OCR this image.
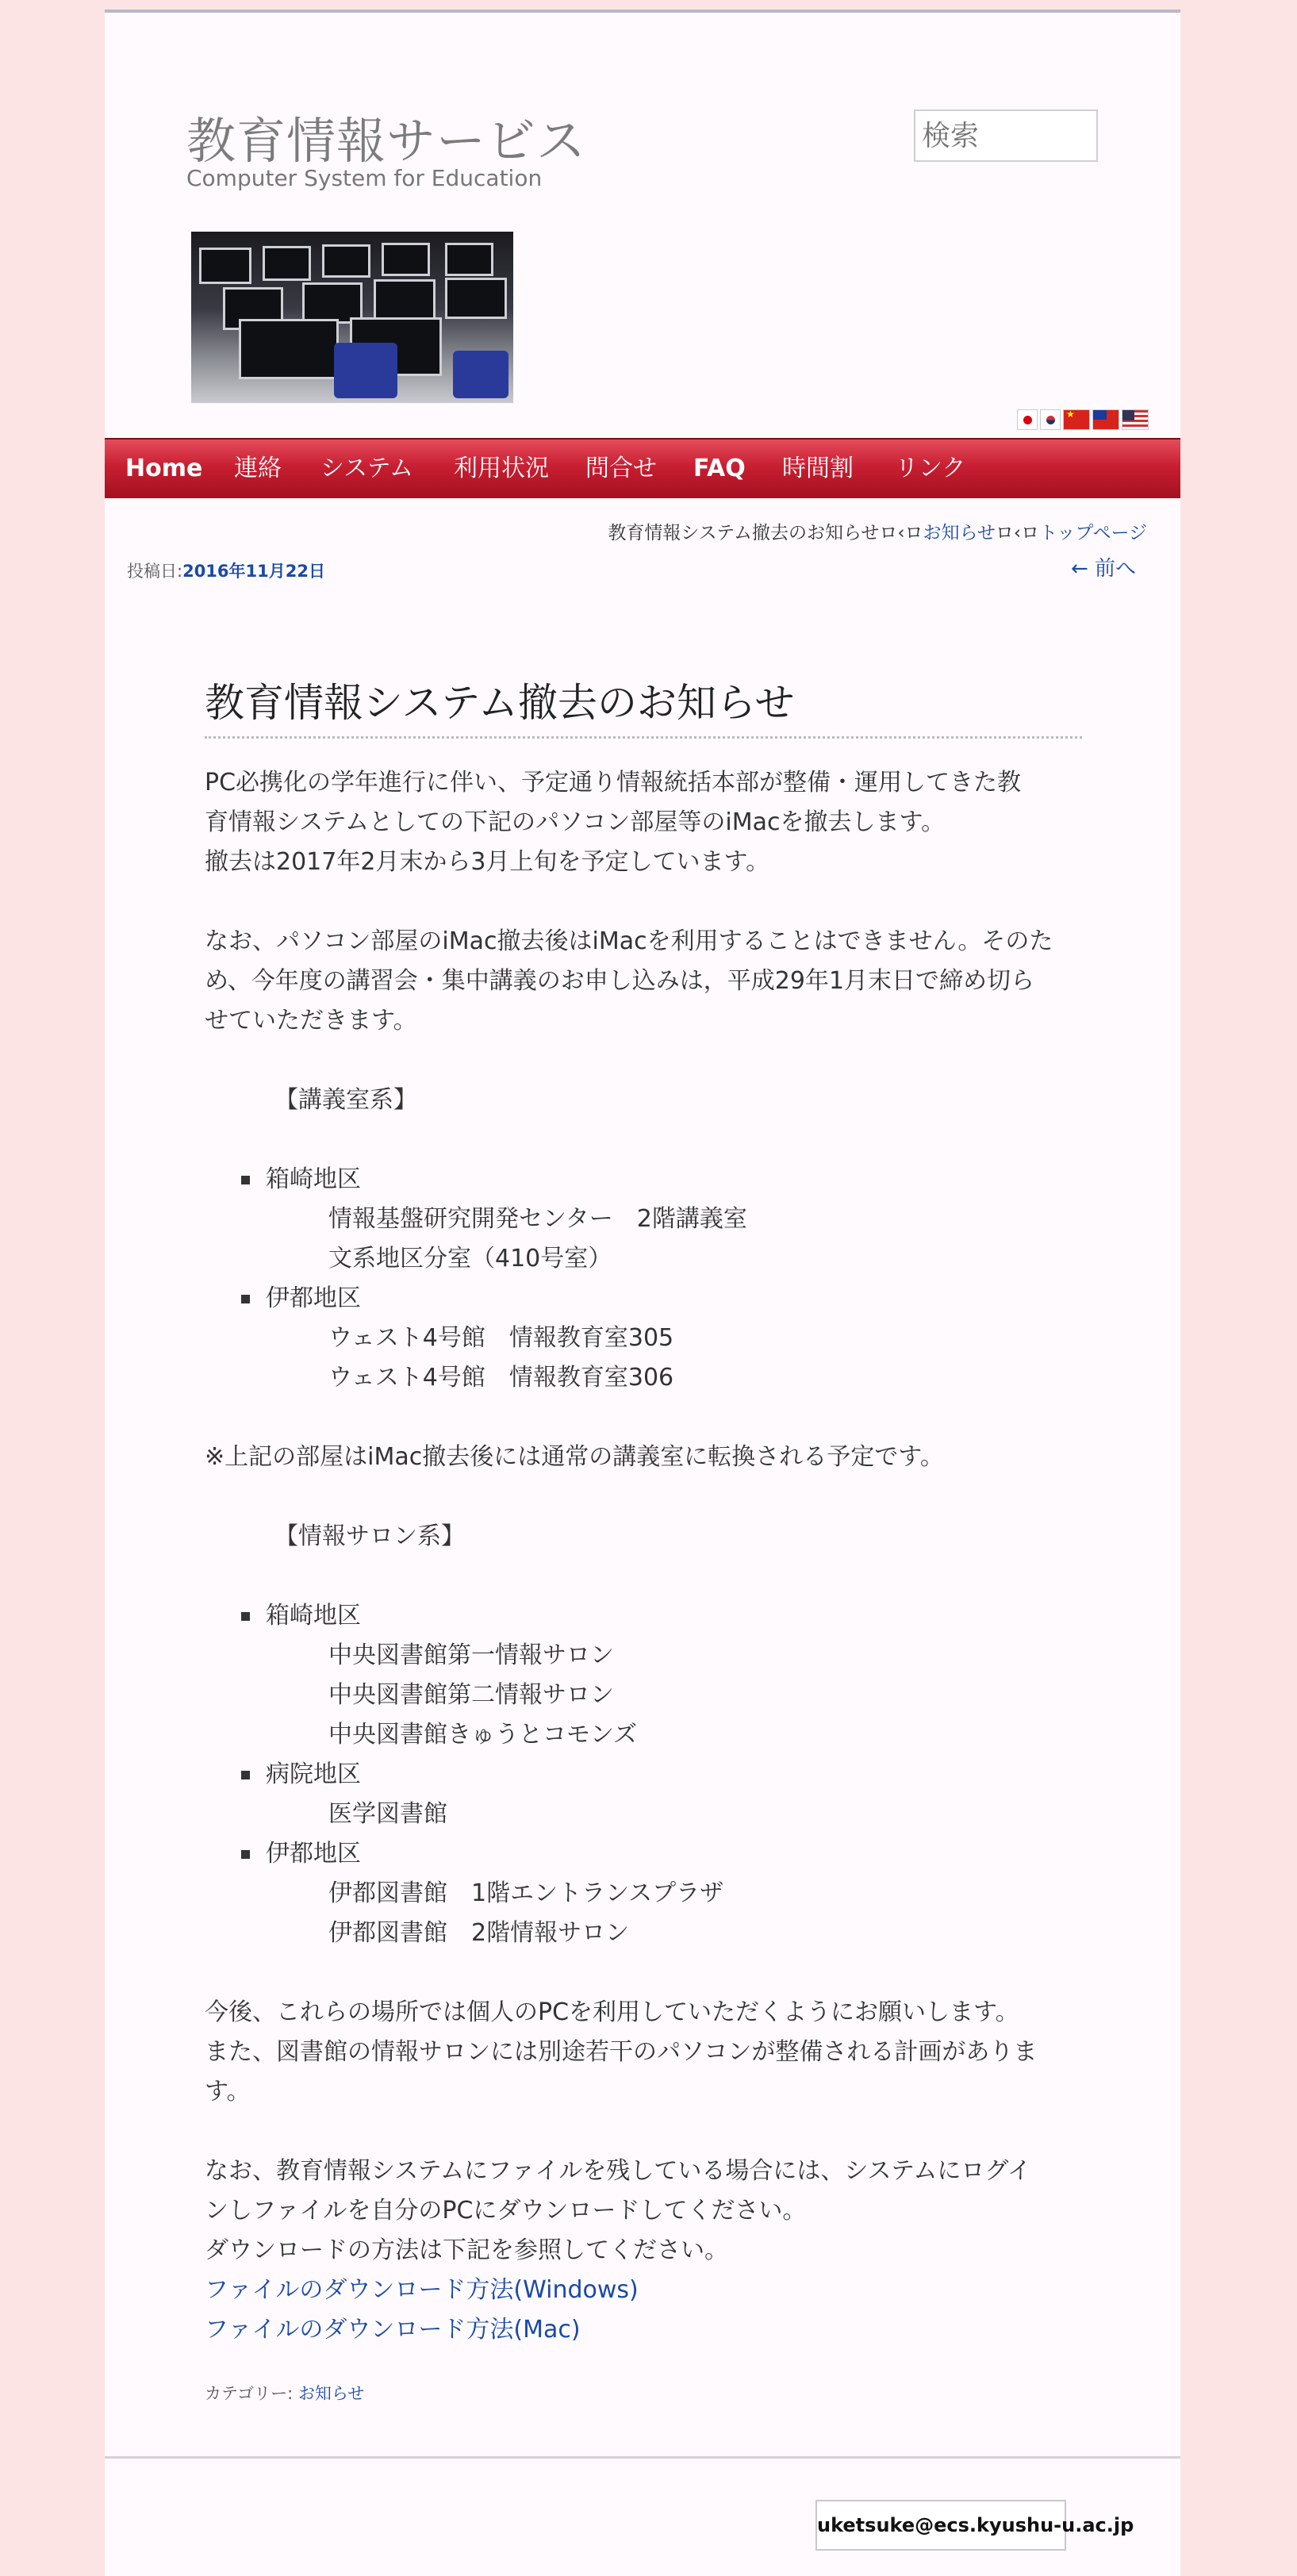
教育情報サービス
Computer System for Education
検索
★
Home 連絡 システム 利用状況 問合せ FAQ 時間割 リンク
教育情報システム撤去のお知らせロ‹ロお知らせロ‹ロトップページ
投稿日:2016年11月22日	← 前へ
教育情報システム撤去のお知らせ

PC必携化の学年進行に伴い、予定通り情報統括本部が整備・運用してきた教

育情報システムとしての下記のパソコン部屋等のiMacを撤去します。

撤去は2017年2月末から3月上旬を予定しています。

なお、パソコン部屋のiMac撤去後はiMacを利用することはできません。そのた

め、今年度の講習会・集中講義のお申し込みは，平成29年1月末日で締め切ら

せていただきます。

【講義室系】

箱崎地区

情報基盤研究開発センター　2階講義室

文系地区分室（410号室）

伊都地区

ウェスト4号館　情報教育室305

ウェスト4号館　情報教育室306

※上記の部屋はiMac撤去後には通常の講義室に転換される予定です。

【情報サロン系】

箱崎地区

中央図書館第一情報サロン

中央図書館第二情報サロン

中央図書館きゅうとコモンズ

病院地区

医学図書館

伊都地区

伊都図書館　1階エントランスプラザ

伊都図書館　2階情報サロン

今後、これらの場所では個人のPCを利用していただくようにお願いします。

また、図書館の情報サロンには別途若干のパソコンが整備される計画がありま

す。

なお、教育情報システムにファイルを残している場合には、システムにログイ

ンしファイルを自分のPCにダウンロードしてください。

ダウンロードの方法は下記を参照してください。

ファイルのダウンロード方法(Windows)

ファイルのダウンロード方法(Mac)

カテゴリー: お知らせ
uketsuke@ecs.kyushu-u.ac.jp
